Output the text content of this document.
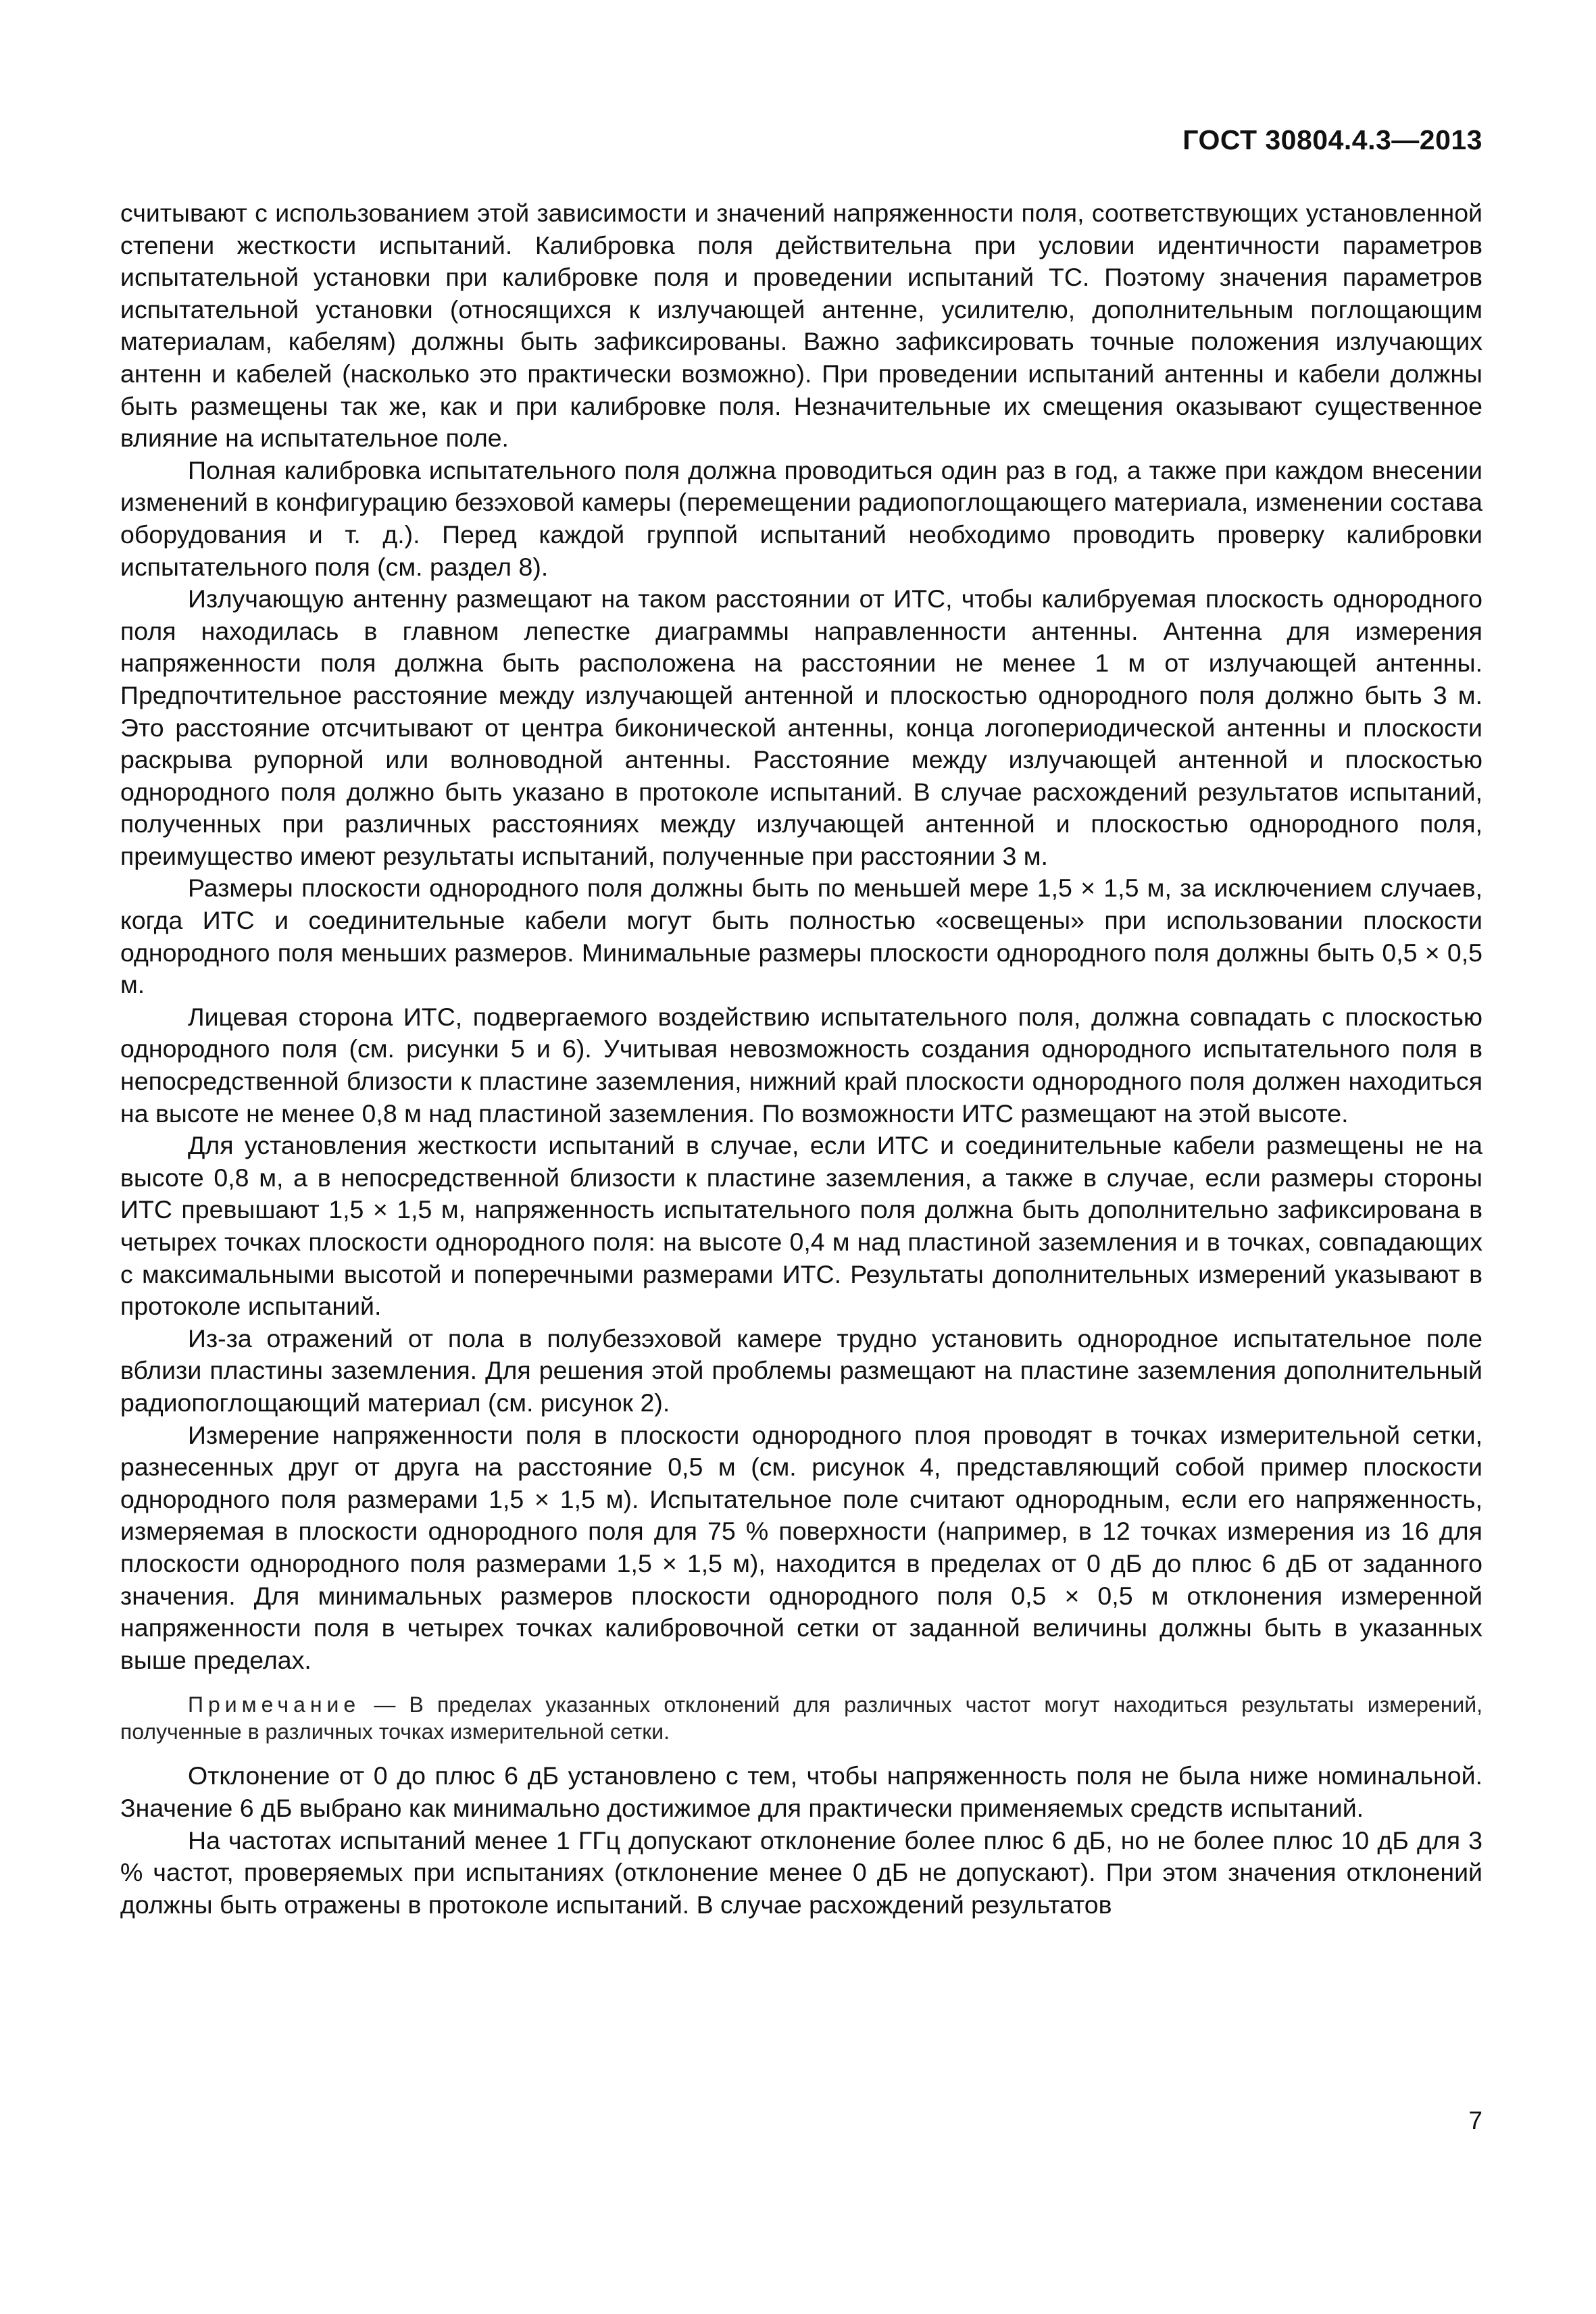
ГОСТ 30804.4.3—2013

считывают с использованием этой зависимости и значений напряженности поля, соответствующих установленной степени жесткости испытаний. Калибровка поля действительна при условии идентичности параметров испытательной установки при калибровке поля и проведении испытаний ТС. Поэтому значения параметров испытательной установки (относящихся к излучающей антенне, усилителю, дополнительным поглощающим материалам, кабелям) должны быть зафиксированы. Важно зафиксировать точные положения излучающих антенн и кабелей (насколько это практически возможно). При проведении испытаний антенны и кабели должны быть размещены так же, как и при калибровке поля. Незначительные их смещения оказывают существенное влияние на испытательное поле.

Полная калибровка испытательного поля должна проводиться один раз в год, а также при каждом внесении изменений в конфигурацию безэховой камеры (перемещении радиопоглощающего материала, изменении состава оборудования и т. д.). Перед каждой группой испытаний необходимо проводить проверку калибровки испытательного поля (см. раздел 8).

Излучающую антенну размещают на таком расстоянии от ИТС, чтобы калибруемая плоскость однородного поля находилась в главном лепестке диаграммы направленности антенны. Антенна для измерения напряженности поля должна быть расположена на расстоянии не менее 1 м от излучающей антенны. Предпочтительное расстояние между излучающей антенной и плоскостью однородного поля должно быть 3 м. Это расстояние отсчитывают от центра биконической антенны, конца логопериодической антенны и плоскости раскрыва рупорной или волноводной антенны. Расстояние между излучающей антенной и плоскостью однородного поля должно быть указано в протоколе испытаний. В случае расхождений результатов испытаний, полученных при различных расстояниях между излучающей антенной и плоскостью однородного поля, преимущество имеют результаты испытаний, полученные при расстоянии 3 м.

Размеры плоскости однородного поля должны быть по меньшей мере 1,5 × 1,5 м, за исключением случаев, когда ИТС и соединительные кабели могут быть полностью «освещены» при использовании плоскости однородного поля меньших размеров. Минимальные размеры плоскости однородного поля должны быть 0,5 × 0,5 м.

Лицевая сторона ИТС, подвергаемого воздействию испытательного поля, должна совпадать с плоскостью однородного поля (см. рисунки 5 и 6). Учитывая невозможность создания однородного испытательного поля в непосредственной близости к пластине заземления, нижний край плоскости однородного поля должен находиться на высоте не менее 0,8 м над пластиной заземления. По возможности ИТС размещают на этой высоте.

Для установления жесткости испытаний в случае, если ИТС и соединительные кабели размещены не на высоте 0,8 м, а в непосредственной близости к пластине заземления, а также в случае, если размеры стороны ИТС превышают 1,5 × 1,5 м, напряженность испытательного поля должна быть дополнительно зафиксирована в четырех точках плоскости однородного поля: на высоте 0,4 м над пластиной заземления и в точках, совпадающих с максимальными высотой и поперечными размерами ИТС. Результаты дополнительных измерений указывают в протоколе испытаний.

Из-за отражений от пола в полубезэховой камере трудно установить однородное испытательное поле вблизи пластины заземления. Для решения этой проблемы размещают на пластине заземления дополнительный радиопоглощающий материал (см. рисунок 2).

Измерение напряженности поля в плоскости однородного плоя проводят в точках измерительной сетки, разнесенных друг от друга на расстояние 0,5 м (см. рисунок 4, представляющий собой пример плоскости однородного поля размерами 1,5 × 1,5 м). Испытательное поле считают однородным, если его напряженность, измеряемая в плоскости однородного поля для 75 % поверхности (например, в 12 точках измерения из 16 для плоскости однородного поля размерами 1,5 × 1,5 м), находится в пределах от 0 дБ до плюс 6 дБ от заданного значения. Для минимальных размеров плоскости однородного поля 0,5 × 0,5 м отклонения измеренной напряженности поля в четырех точках калибровочной сетки от заданной величины должны быть в указанных выше пределах.

Примечание — В пределах указанных отклонений для различных частот могут находиться результаты измерений, полученные в различных точках измерительной сетки.

Отклонение от 0 до плюс 6 дБ установлено с тем, чтобы напряженность поля не была ниже номинальной. Значение 6 дБ выбрано как минимально достижимое для практически применяемых средств испытаний.

На частотах испытаний менее 1 ГГц допускают отклонение более плюс 6 дБ, но не более плюс 10 дБ для 3 % частот, проверяемых при испытаниях (отклонение менее 0 дБ не допускают). При этом значения отклонений должны быть отражены в протоколе испытаний. В случае расхождений результатов

7
